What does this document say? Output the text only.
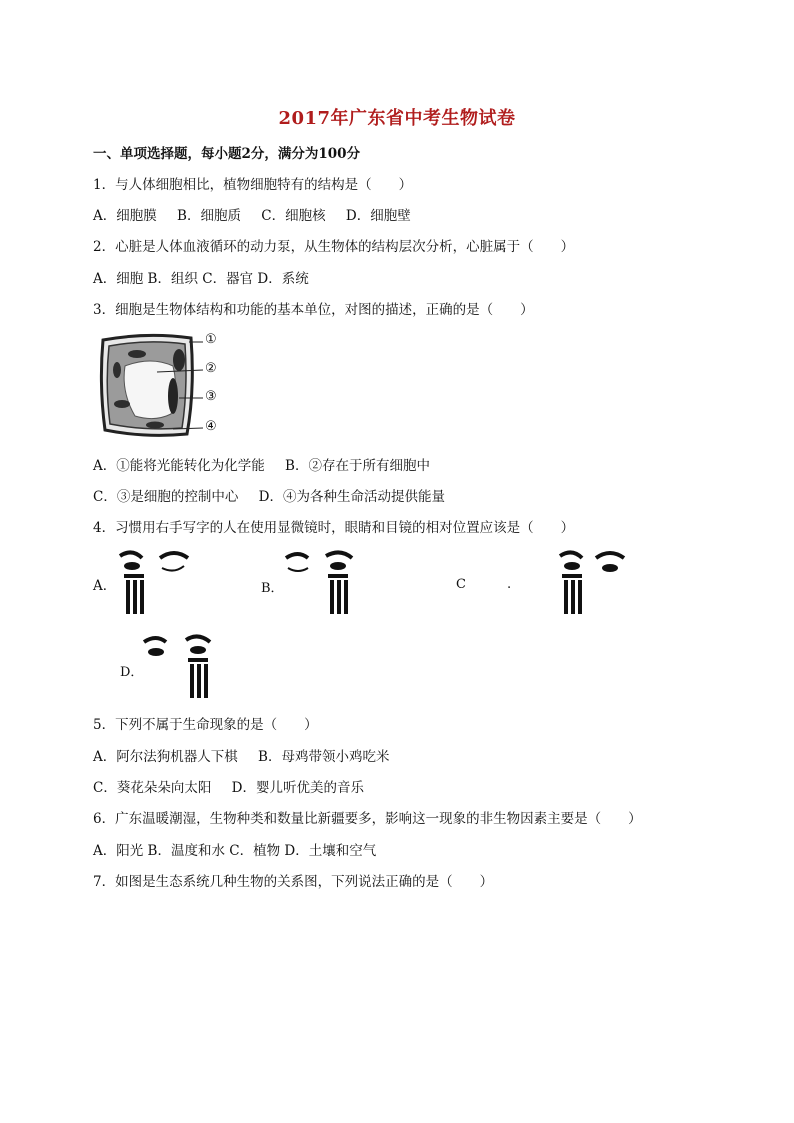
2017年广东省中考生物试卷
一、单项选择题，每小题2分，满分为100分
1．与人体细胞相比，植物细胞特有的结构是（　　）
A．细胞膜 B．细胞质 C．细胞核 D．细胞壁
2．心脏是人体血液循环的动力泵，从生物体的结构层次分析，心脏属于（　　）
A．细胞 B．组织 C．器官 D．系统
3．细胞是生物体结构和功能的基本单位，对图的描述，正确的是（　　）
①
②
③
④
A．①能将光能转化为化学能 B．②存在于所有细胞中
C．③是细胞的控制中心 D．④为各种生命活动提供能量
4．习惯用右手写字的人在使用显微镜时，眼睛和目镜的相对位置应该是（　　）
A．	B．	C	.
D．
5．下列不属于生命现象的是（　　）
A．阿尔法狗机器人下棋 B．母鸡带领小鸡吃米
C．葵花朵朵向太阳 D．婴儿听优美的音乐
6．广东温暖潮湿，生物种类和数量比新疆要多，影响这一现象的非生物因素主要是（　　）
A．阳光 B．温度和水 C．植物 D．土壤和空气
7．如图是生态系统几种生物的关系图，下列说法正确的是（　　）
